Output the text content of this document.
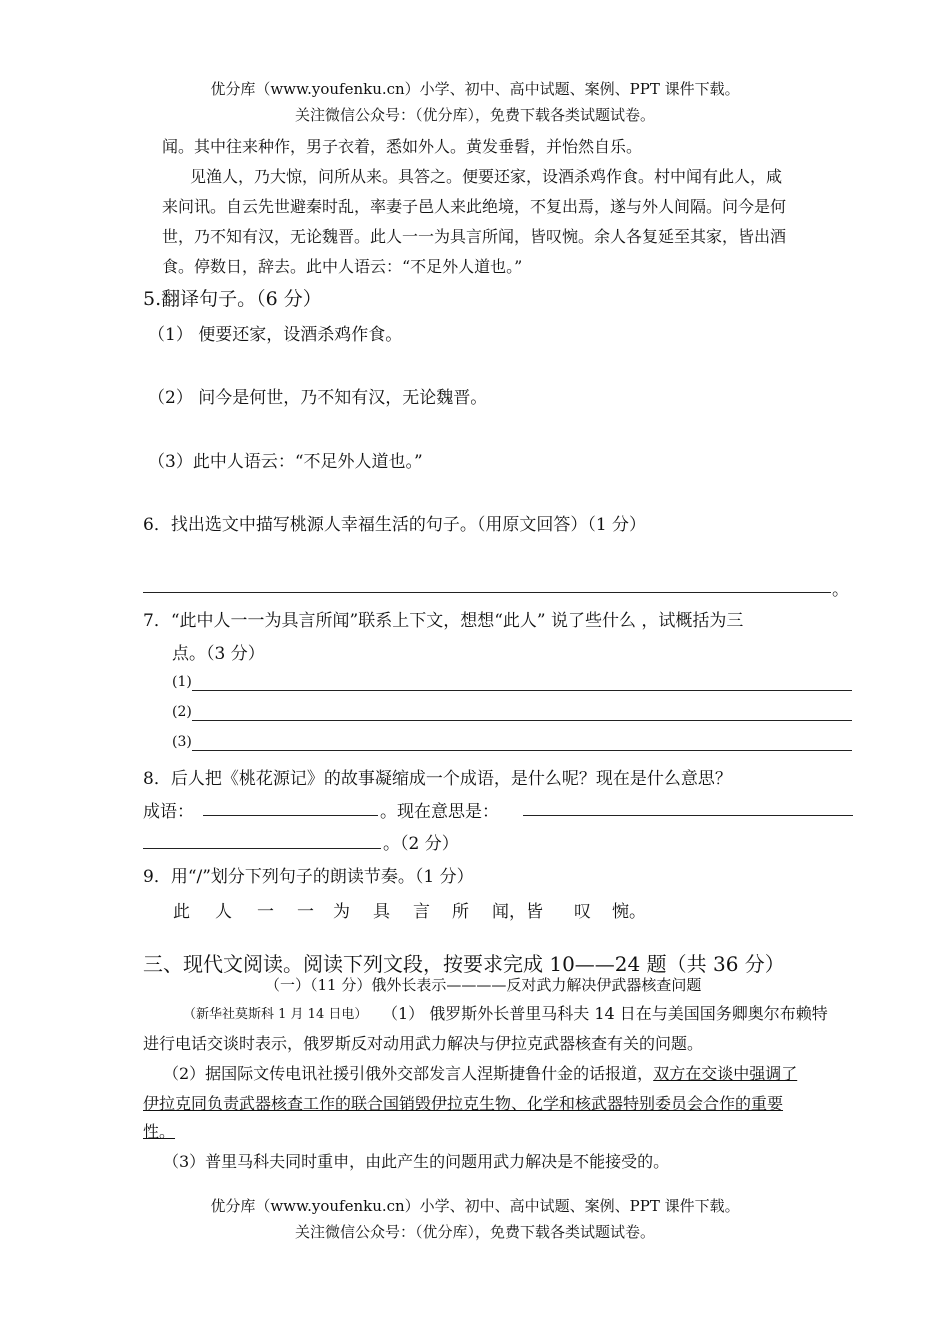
优分库（www.youfenku.cn）小学、初中、高中试题、案例、PPT 课件下载。
关注微信公众号：（优分库），免费下载各类试题试卷。
闻。其中往来种作，男子衣着，悉如外人。黄发垂髫，并怡然自乐。
见渔人，乃大惊，问所从来。具答之。便要还家，设酒杀鸡作食。村中闻有此人，咸
来问讯。自云先世避秦时乱，率妻子邑人来此绝境，不复出焉，遂与外人间隔。问今是何
世，乃不知有汉，无论魏晋。此人一一为具言所闻，皆叹惋。余人各复延至其家，皆出酒
食。停数日，辞去。此中人语云：“不足外人道也。”
5.翻译句子。（6 分）
（1） 便要还家，设酒杀鸡作食。
（2） 问今是何世，乃不知有汉，无论魏晋。
（3）此中人语云：“不足外人道也。”
6．找出选文中描写桃源人幸福生活的句子。（用原文回答）（1 分）
。
7．“此中人一一为具言所闻”联系上下文，想想“此人” 说了些什么 ，试概括为三
点。（3 分）
(1)
(2)
(3)
8．后人把《桃花源记》的故事凝缩成一个成语，是什么呢？现在是什么意思？
成语：	。现在意思是：
。（2 分）
9．用“/”划分下列句子的朗读节奏。（1 分）
此 人 一 一 为 具 言 所 闻，皆 叹 惋。
三、现代文阅读。阅读下列文段，按要求完成 10——24 题（共 36 分）
（一）（11 分）俄外长表示————反对武力解决伊武器核查问题
（新华社莫斯科 1 月 14 日电） （1） 俄罗斯外长普里马科夫 14 日在与美国国务卿奥尔布赖特
进行电话交谈时表示，俄罗斯反对动用武力解决与伊拉克武器核查有关的问题。
（2）据国际文传电讯社援引俄外交部发言人涅斯捷鲁什金的话报道，双方在交谈中强调了
伊拉克同负责武器核查工作的联合国销毁伊拉克生物、化学和核武器特别委员会合作的重要
性。
（3）普里马科夫同时重申，由此产生的问题用武力解决是不能接受的。
优分库（www.youfenku.cn）小学、初中、高中试题、案例、PPT 课件下载。
关注微信公众号：（优分库），免费下载各类试题试卷。
